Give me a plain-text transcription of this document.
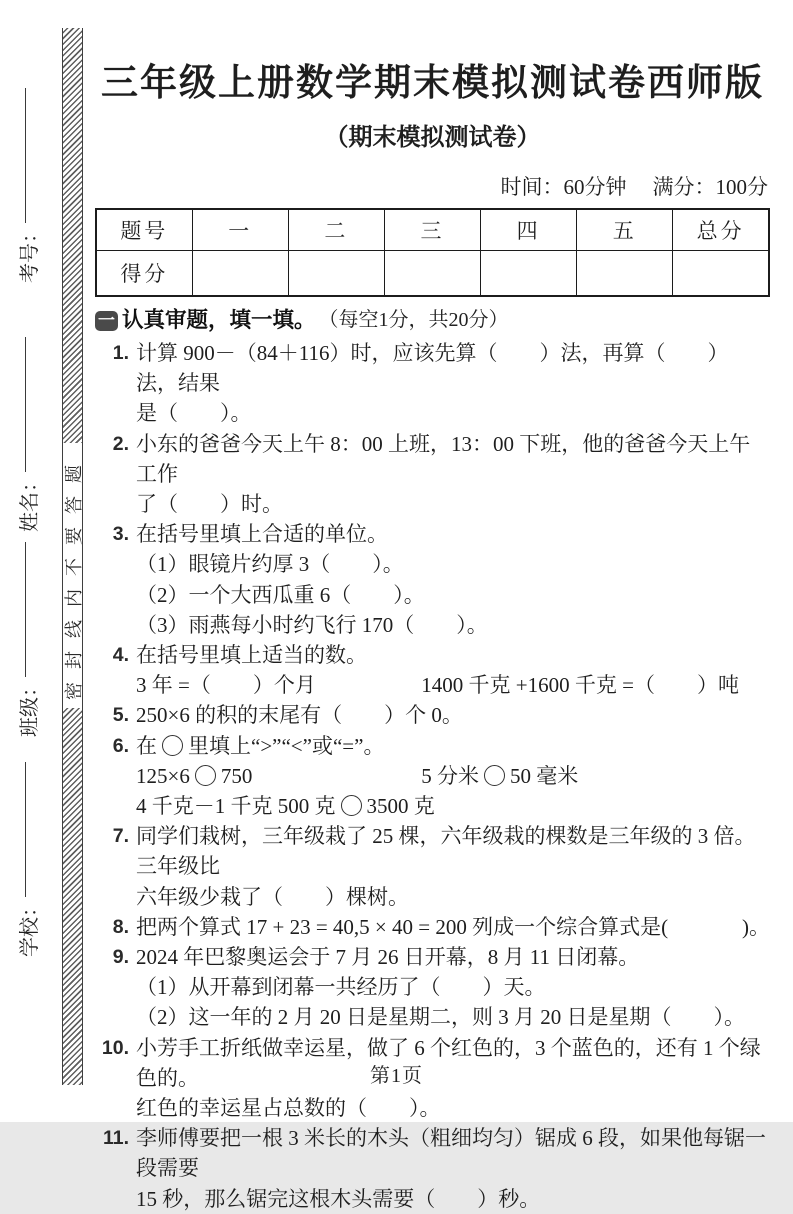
密封线内不要答题
考号：
姓名：
班级：
学校：
三年级上册数学期末模拟测试卷西师版
（期末模拟测试卷）
时间：60分钟 满分：100分
题号	一	二	三	四	五	总分
得分						
一 认真审题，填一填。 （每空1分，共20分）
1. 计算 900－（84＋116）时，应该先算（　　）法，再算（　　）法，结果
是（　　）。
2. 小东的爸爸今天上午 8：00 上班，13：00 下班，他的爸爸今天上午工作
了（　　）时。
3. 在括号里填上合适的单位。
（1）眼镜片约厚 3（　　）。
（2）一个大西瓜重 6（　　）。
（3）雨燕每小时约飞行 170（　　）。
4. 在括号里填上适当的数。
3 年 =（　　）个月	1400 千克 +1600 千克 =（　　）吨
5. 250×6 的积的末尾有（　　）个 0。
6. 在 里填上“>”“<”或“=”。
125×6 750	5 分米 50 毫米
4 千克－1 千克 500 克 3500 克
7. 同学们栽树，三年级栽了 25 棵，六年级栽的棵数是三年级的 3 倍。三年级比
六年级少栽了（　　）棵树。
8. 把两个算式 17 + 23 = 40,5 × 40 = 200 列成一个综合算式是(	)。
9. 2024 年巴黎奥运会于 7 月 26 日开幕，8 月 11 日闭幕。
（1）从开幕到闭幕一共经历了（　　）天。
（2）这一年的 2 月 20 日是星期二，则 3 月 20 日是星期（　　）。
10. 小芳手工折纸做幸运星，做了 6 个红色的，3 个蓝色的，还有 1 个绿色的。
红色的幸运星占总数的（　　）。
11. 李师傅要把一根 3 米长的木头（粗细均匀）锯成 6 段，如果他每锯一段需要
15 秒，那么锯完这根木头需要（　　）秒。
第1页
